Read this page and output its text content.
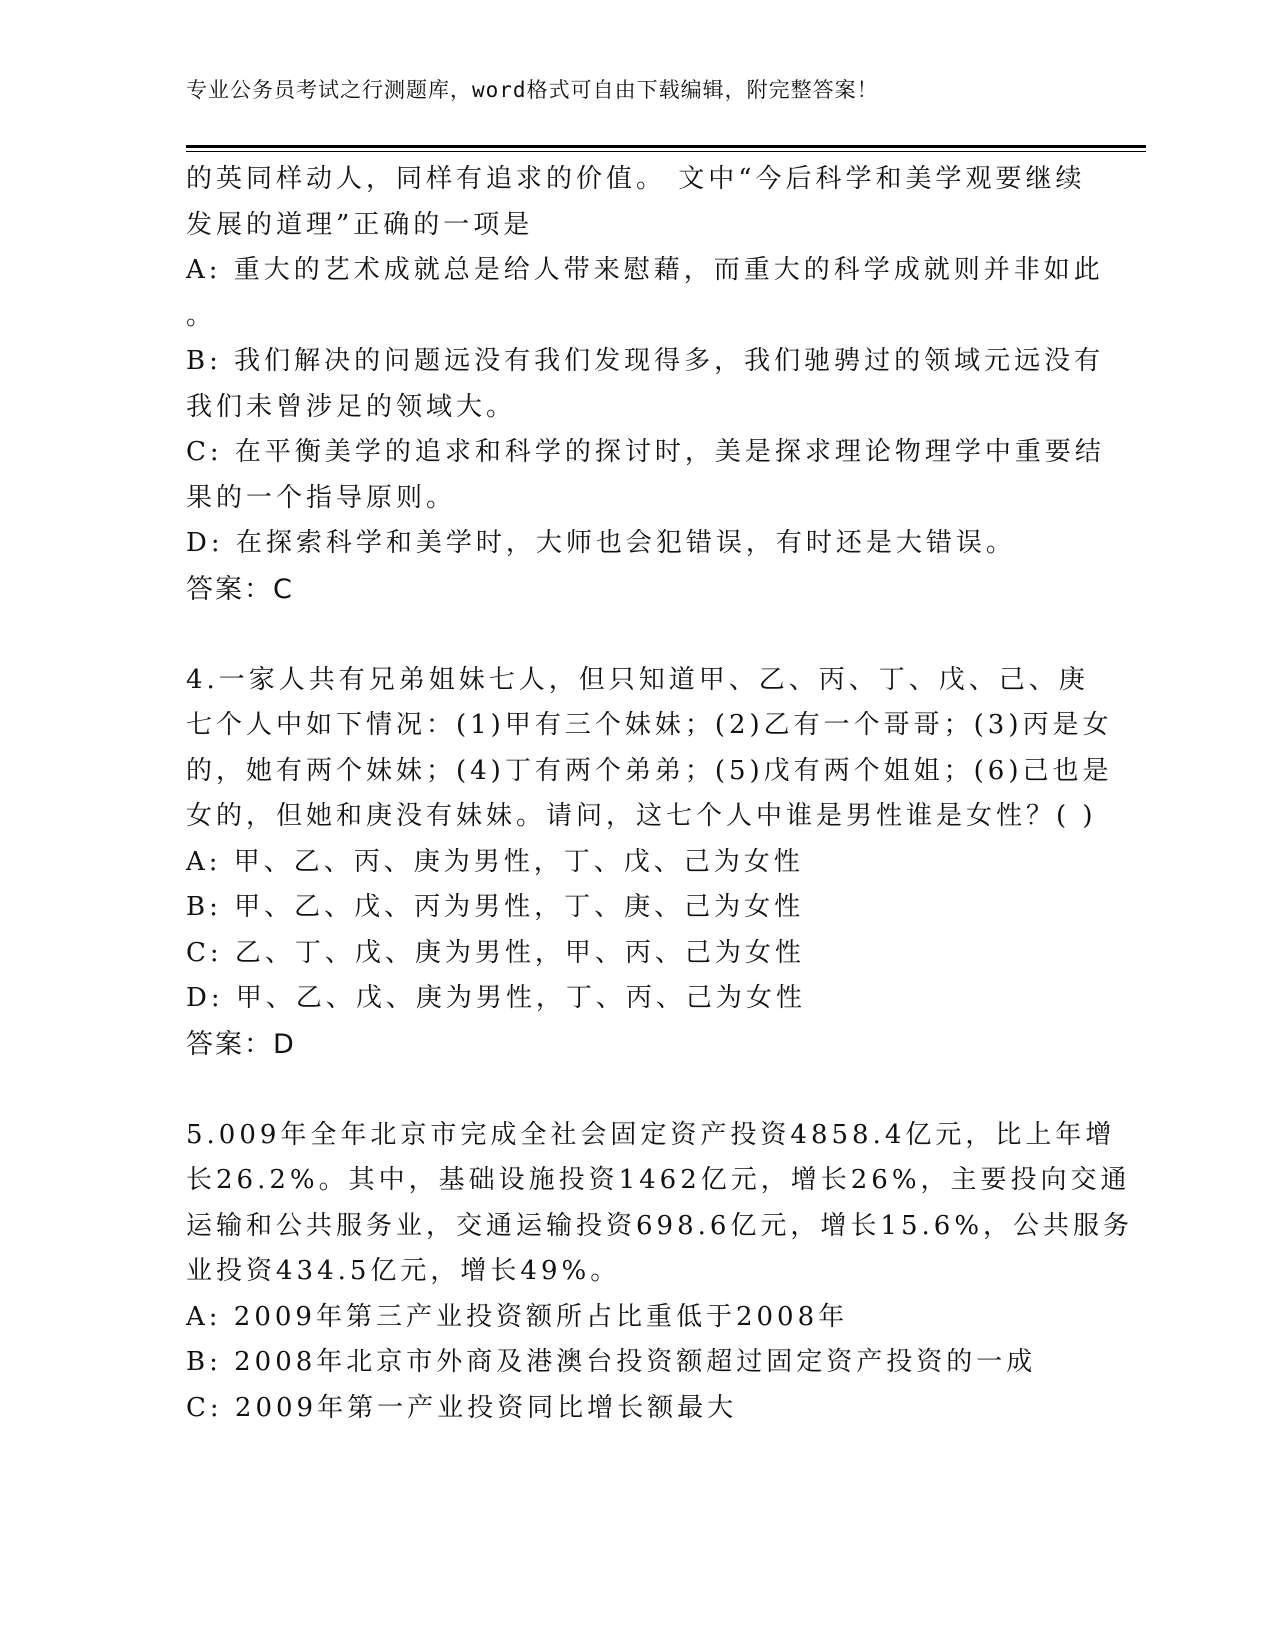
专业公务员考试之行测题库，word格式可自由下载编辑，附完整答案！
的英同样动人，同样有追求的价值。 文中“今后科学和美学观要继续
发展的道理”正确的一项是
A: 重大的艺术成就总是给人带来慰藉，而重大的科学成就则并非如此
。
B: 我们解决的问题远没有我们发现得多，我们驰骋过的领域元远没有
我们未曾涉足的领域大。
C: 在平衡美学的追求和科学的探讨时，美是探求理论物理学中重要结
果的一个指导原则。
D: 在探索科学和美学时，大师也会犯错误，有时还是大错误。
答案：C
4.一家人共有兄弟姐妹七人，但只知道甲、乙、丙、丁、戊、己、庚
七个人中如下情况：(1)甲有三个妹妹；(2)乙有一个哥哥；(3)丙是女
的，她有两个妹妹；(4)丁有两个弟弟；(5)戊有两个姐姐；(6)己也是
女的，但她和庚没有妹妹。请问，这七个人中谁是男性谁是女性？( )
A: 甲、乙、丙、庚为男性，丁、戊、己为女性
B: 甲、乙、戊、丙为男性，丁、庚、己为女性
C: 乙、丁、戊、庚为男性，甲、丙、己为女性
D: 甲、乙、戊、庚为男性，丁、丙、己为女性
答案：D
5.009年全年北京市完成全社会固定资产投资4858.4亿元，比上年增
长26.2%。其中，基础设施投资1462亿元，增长26%，主要投向交通
运输和公共服务业，交通运输投资698.6亿元，增长15.6%，公共服务
业投资434.5亿元，增长49%。
A: 2009年第三产业投资额所占比重低于2008年
B: 2008年北京市外商及港澳台投资额超过固定资产投资的一成
C: 2009年第一产业投资同比增长额最大
